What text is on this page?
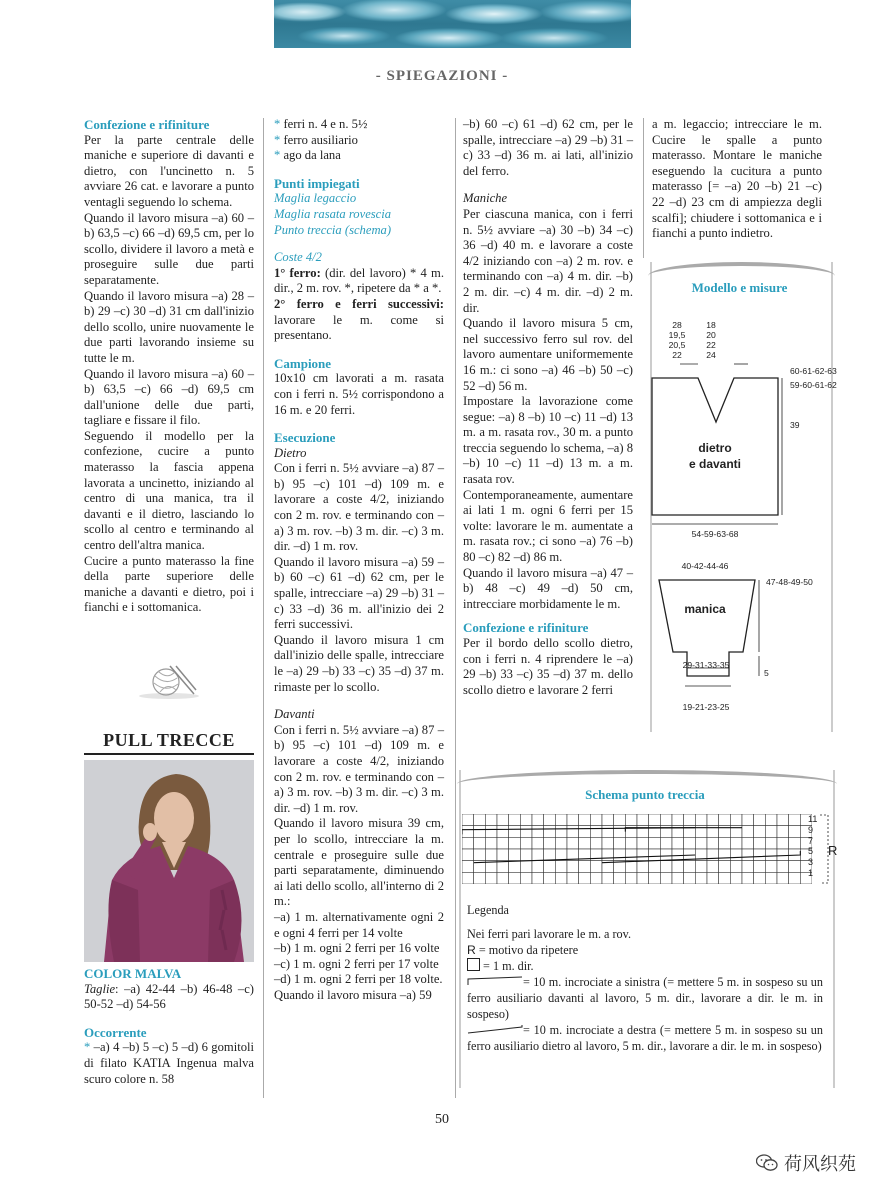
- SPIEGAZIONI -
Confezione e rifiniture

Per la parte centrale delle maniche e superiore di davanti e dietro, con l'uncinetto n. 5 avviare 26 cat. e lavorare a punto ventagli seguendo lo schema.

Quando il lavoro misura –a) 60 –b) 63,5 –c) 66 –d) 69,5 cm, per lo scollo, dividere il lavoro a metà e proseguire sulle due parti separatamente.

Quando il lavoro misura –a) 28 –b) 29 –c) 30 –d) 31 cm dall'inizio dello scollo, unire nuovamente le due parti lavorando insieme su tutte le m.

Quando il lavoro misura –a) 60 –b) 63,5 –c) 66 –d) 69,5 cm dall'unione delle due parti, tagliare e fissare il filo.

Seguendo il modello per la confezione, cucire a punto materasso la fascia appena lavorata a uncinetto, iniziando al centro di una manica, tra il davanti e il dietro, lasciando lo scollo al centro e terminando al centro dell'altra manica.

Cucire a punto materasso la fine della parte superiore delle maniche a davanti e dietro, poi i fianchi e i sottomanica.

PULL TRECCE
COLOR MALVA

Taglie: –a) 42-44 –b) 46-48 –c) 50-52 –d) 54-56

Occorrente

* –a) 4 –b) 5 –c) 5 –d) 6 gomitoli di filato KATIA Ingenua malva scuro colore n. 58

* ferri n. 4 e n. 5½

* ferro ausiliario

* ago da lana

Punti impiegati

Maglia legaccio

Maglia rasata rovescia

Punto treccia (schema)

Coste 4/2

1° ferro: (dir. del lavoro) * 4 m. dir., 2 m. rov. *, ripetere da * a *.

2° ferro e ferri successivi: lavorare le m. come si presentano.

Campione

10x10 cm lavorati a m. rasata con i ferri n. 5½ corrispondono a 16 m. e 20 ferri.

Esecuzione

Dietro

Con i ferri n. 5½ avviare –a) 87 –b) 95 –c) 101 –d) 109 m. e lavorare a coste 4/2, iniziando con 2 m. rov. e terminando con –a) 3 m. rov. –b) 3 m. dir. –c) 3 m. dir. –d) 1 m. rov.

Quando il lavoro misura –a) 59 –b) 60 –c) 61 –d) 62 cm, per le spalle, intrecciare –a) 29 –b) 31 –c) 33 –d) 36 m. all'inizio dei 2 ferri successivi.

Quando il lavoro misura 1 cm dall'inizio delle spalle, intrecciare le –a) 29 –b) 33 –c) 35 –d) 37 m. rimaste per lo scollo.

Davanti

Con i ferri n. 5½ avviare –a) 87 –b) 95 –c) 101 –d) 109 m. e lavorare a coste 4/2, iniziando con 2 m. rov. e terminando con –a) 3 m. rov. –b) 3 m. dir. –c) 3 m. dir. –d) 1 m. rov.

Quando il lavoro misura 39 cm, per lo scollo, intrecciare la m. centrale e proseguire sulle due parti separatamente, diminuendo ai lati dello scollo, all'interno di 2 m.:

–a) 1 m. alternativamente ogni 2 e ogni 4 ferri per 14 volte

–b) 1 m. ogni 2 ferri per 16 volte

–c) 1 m. ogni 2 ferri per 17 volte

–d) 1 m. ogni 2 ferri per 18 volte.

Quando il lavoro misura –a) 59

–b) 60 –c) 61 –d) 62 cm, per le spalle, intrecciare –a) 29 –b) 31 –c) 33 –d) 36 m. ai lati, all'inizio del ferro.

Maniche

Per ciascuna manica, con i ferri n. 5½ avviare –a) 30 –b) 34 –c) 36 –d) 40 m. e lavorare a coste 4/2 iniziando con –a) 2 m. rov. e terminando con –a) 4 m. dir. –b) 2 m. dir. –c) 4 m. dir. –d) 2 m. dir.

Quando il lavoro misura 5 cm, nel successivo ferro sul rov. del lavoro aumentare uniformemente 16 m.: ci sono –a) 46 –b) 50 –c) 52 –d) 56 m.

Impostare la lavorazione come segue: –a) 8 –b) 10 –c) 11 –d) 13 m. a m. rasata rov., 30 m. a punto treccia seguendo lo schema, –a) 8 –b) 10 –c) 11 –d) 13 m. a m. rasata rov.

Contemporaneamente, aumentare ai lati 1 m. ogni 6 ferri per 15 volte: lavorare le m. aumentate a m. rasata rov.; ci sono –a) 76 –b) 80 –c) 82 –d) 86 m.

Quando il lavoro misura –a) 47 –b) 48 –c) 49 –d) 50 cm, intrecciare morbidamente le m.

Confezione e rifiniture

Per il bordo dello scollo dietro, con i ferri n. 4 riprendere le –a) 29 –b) 33 –c) 35 –d) 37 m. dello scollo dietro e lavorare 2 ferri

a m. legaccio; intrecciare le m. Cucire le spalle a punto materasso. Montare le maniche eseguendo la cucitura a punto materasso [= –a) 20 –b) 21 –c) 22 –d) 23 cm di ampiezza degli scalfi]; chiudere i sottomanica e i fianchi a punto indietro.

Modello e misure
28
19,5
20,5
22
18
20
22
24
60-61-62-63
59-60-61-62
39
dietro
e davanti
54-59-63-68
40-42-44-46
47-48-49-50
manica
29-31-33-35
5
19-21-23-25
Schema punto treccia
11
9
7
5
3
1
R

Legenda

Nei ferri pari lavorare le m. a rov.

R = motivo da ripetere

= 1 m. dir.

= 10 m. incrociate a sinistra (= mettere 5 m. in sospeso su un ferro ausiliario davanti al lavoro, 5 m. dir., lavorare a dir. le m. in sospeso)

= 10 m. incrociate a destra (= mettere 5 m. in sospeso su un ferro ausiliario dietro al lavoro, 5 m. dir., lavorare a dir. le m. in sospeso)

50
荷风织苑
